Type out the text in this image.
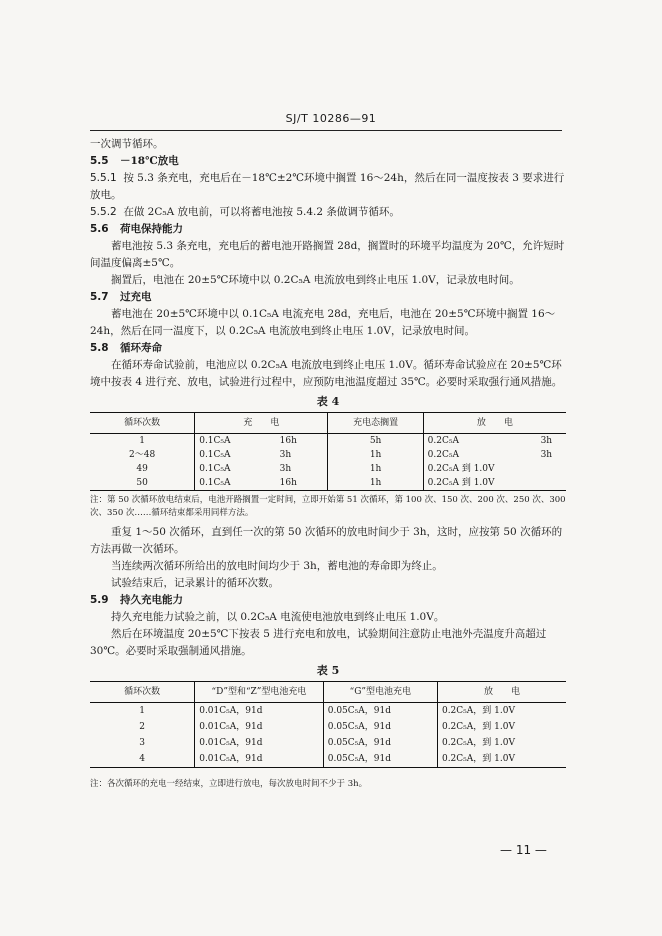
SJ/T 10286—91

一次调节循环。

5.5 －18℃放电

5.5.1 按 5.3 条充电，充电后在－18℃±2℃环境中搁置 16～24h，然后在同一温度按表 3 要求进行放电。

5.5.2 在做 2C₅A 放电前，可以将蓄电池按 5.4.2 条做调节循环。

5.6 荷电保持能力

蓄电池按 5.3 条充电，充电后的蓄电池开路搁置 28d，搁置时的环境平均温度为 20℃，允许短时间温度偏离±5℃。

搁置后，电池在 20±5℃环境中以 0.2C₅A 电流放电到终止电压 1.0V，记录放电时间。

5.7 过充电

蓄电池在 20±5℃环境中以 0.1C₅A 电流充电 28d，充电后，电池在 20±5℃环境中搁置 16～24h，然后在同一温度下，以 0.2C₅A 电流放电到终止电压 1.0V，记录放电时间。

5.8 循环寿命

在循环寿命试验前，电池应以 0.2C₅A 电流放电到终止电压 1.0V。循环寿命试验应在 20±5℃环境中按表 4 进行充、放电，试验进行过程中，应预防电池温度超过 35℃。必要时采取强行通风措施。

表 4
循环次数	充　　电		充电态搁置	放　　电	
1	0.1C₅A	16h	5h	0.2C₅A	3h
2～48	0.1C₅A	3h	1h	0.2C₅A	3h
49	0.1C₅A	3h	1h	0.2C₅A 到 1.0V	
50	0.1C₅A	16h	1h	0.2C₅A 到 1.0V	
注：第 50 次循环放电结束后，电池开路搁置一定时间，立即开始第 51 次循环，第 100 次、150 次、200 次、250 次、300 次、350 次……循环结束都采用同样方法。

重复 1～50 次循环，直到任一次的第 50 次循环的放电时间少于 3h，这时，应按第 50 次循环的方法再做一次循环。

当连续两次循环所给出的放电时间均少于 3h，蓄电池的寿命即为终止。

试验结束后，记录累计的循环次数。

5.9 持久充电能力

持久充电能力试验之前，以 0.2C₅A 电流使电池放电到终止电压 1.0V。

然后在环境温度 20±5℃下按表 5 进行充电和放电，试验期间注意防止电池外壳温度升高超过 30℃。必要时采取强制通风措施。

表 5
循环次数	“D”型和“Z”型电池充电	“G”型电池充电	放　　电
1	0.01C₅A，91d	0.05C₅A，91d	0.2C₅A，到 1.0V
2	0.01C₅A，91d	0.05C₅A，91d	0.2C₅A，到 1.0V
3	0.01C₅A，91d	0.05C₅A，91d	0.2C₅A，到 1.0V
4	0.01C₅A，91d	0.05C₅A，91d	0.2C₅A，到 1.0V
注：各次循环的充电一经结束，立即进行放电，每次放电时间不少于 3h。
— 11 —
